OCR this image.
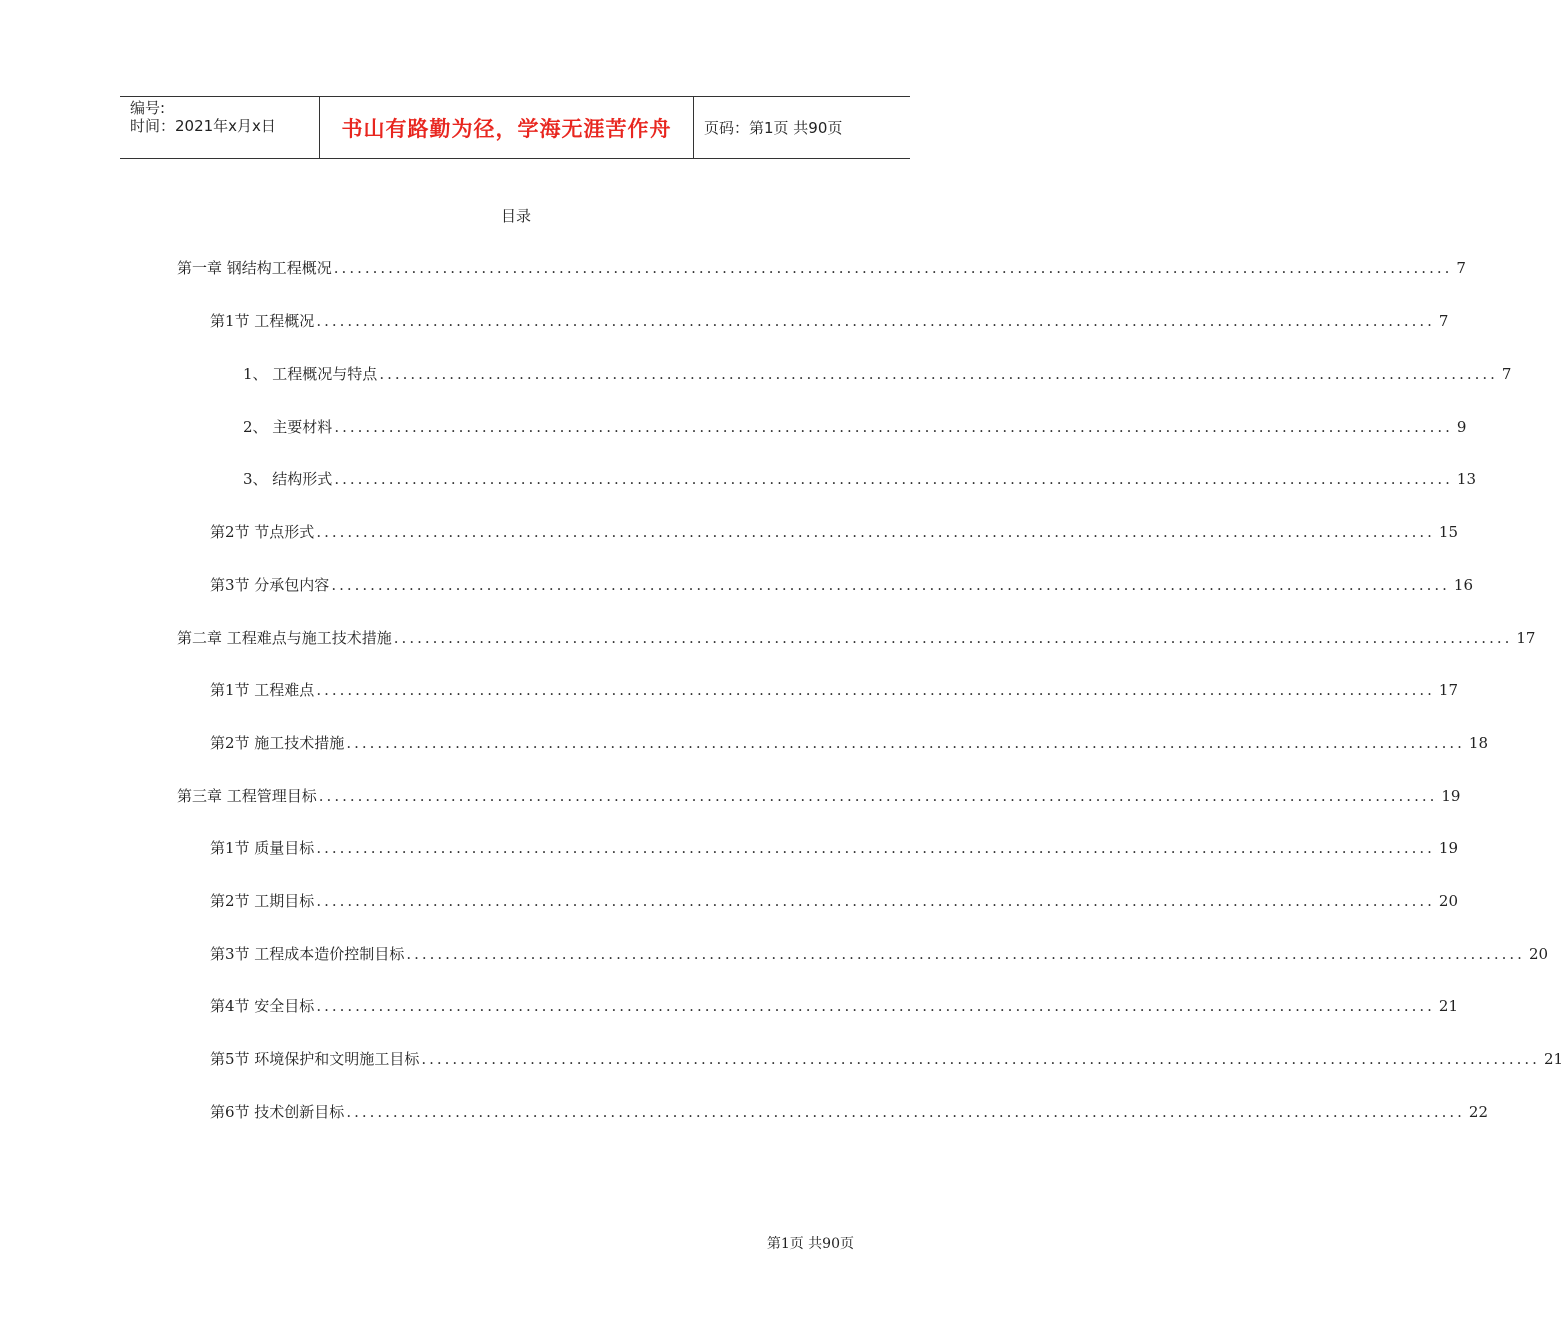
编号:
时间：2021年x月x日	书山有路勤为径，学海无涯苦作舟	页码：第1页 共90页
目录
第一章 钢结构工程概况 ................................................................................................................................................ 7
第1节 工程概况 ................................................................................................................................................ 7
1、 工程概况与特点 ................................................................................................................................................ 7
2、 主要材料 ................................................................................................................................................ 9
3、 结构形式 ................................................................................................................................................ 13
第2节 节点形式 ................................................................................................................................................ 15
第3节 分承包内容 ................................................................................................................................................ 16
第二章 工程难点与施工技术措施 ................................................................................................................................................ 17
第1节 工程难点 ................................................................................................................................................ 17
第2节 施工技术措施 ................................................................................................................................................ 18
第三章 工程管理目标 ................................................................................................................................................ 19
第1节 质量目标 ................................................................................................................................................ 19
第2节 工期目标 ................................................................................................................................................ 20
第3节 工程成本造价控制目标 ................................................................................................................................................ 20
第4节 安全目标 ................................................................................................................................................ 21
第5节 环境保护和文明施工目标 ................................................................................................................................................ 21
第6节 技术创新目标 ................................................................................................................................................ 22
第1页 共90页
